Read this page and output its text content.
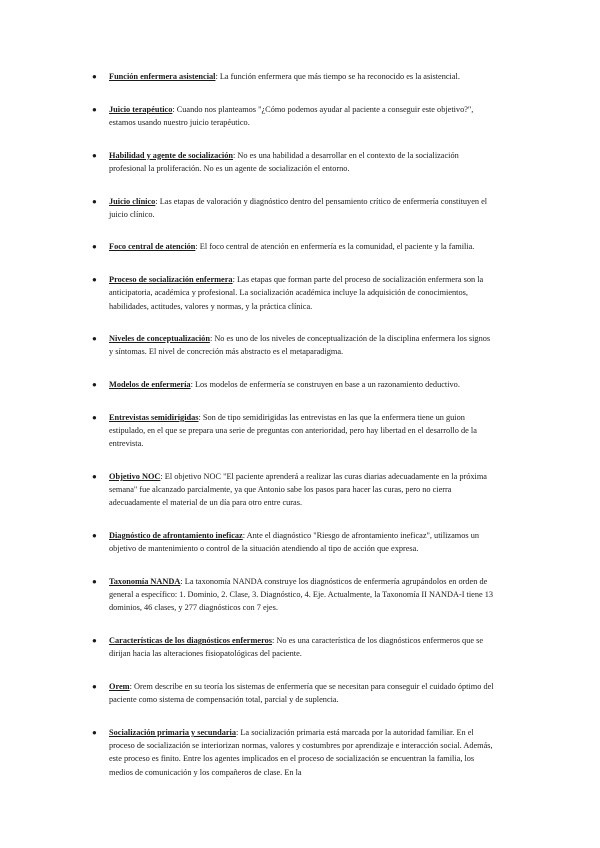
● Función enfermera asistencial: La función enfermera que más tiempo se ha reconocido es la asistencial.
● Juicio terapéutico: Cuando nos planteamos "¿Cómo podemos ayudar al paciente a conseguir este objetivo?", estamos usando nuestro juicio terapéutico.
● Habilidad y agente de socialización: No es una habilidad a desarrollar en el contexto de la socialización profesional la proliferación. No es un agente de socialización el entorno.
● Juicio clínico: Las etapas de valoración y diagnóstico dentro del pensamiento crítico de enfermería constituyen el juicio clínico.
● Foco central de atención: El foco central de atención en enfermería es la comunidad, el paciente y la familia.
● Proceso de socialización enfermera: Las etapas que forman parte del proceso de socialización enfermera son la anticipatoria, académica y profesional. La socialización académica incluye la adquisición de conocimientos, habilidades, actitudes, valores y normas, y la práctica clínica.
● Niveles de conceptualización: No es uno de los niveles de conceptualización de la disciplina enfermera los signos y síntomas. El nivel de concreción más abstracto es el metaparadigma.
● Modelos de enfermería: Los modelos de enfermería se construyen en base a un razonamiento deductivo.
● Entrevistas semidirigidas: Son de tipo semidirigidas las entrevistas en las que la enfermera tiene un guion estipulado, en el que se prepara una serie de preguntas con anterioridad, pero hay libertad en el desarrollo de la entrevista.
● Objetivo NOC: El objetivo NOC "El paciente aprenderá a realizar las curas diarias adecuadamente en la próxima semana" fue alcanzado parcialmente, ya que Antonio sabe los pasos para hacer las curas, pero no cierra adecuadamente el material de un día para otro entre curas.
● Diagnóstico de afrontamiento ineficaz: Ante el diagnóstico "Riesgo de afrontamiento ineficaz", utilizamos un objetivo de mantenimiento o control de la situación atendiendo al tipo de acción que expresa.
● Taxonomía NANDA: La taxonomía NANDA construye los diagnósticos de enfermería agrupándolos en orden de general a específico: 1. Dominio, 2. Clase, 3. Diagnóstico, 4. Eje. Actualmente, la Taxonomía II NANDA-I tiene 13 dominios, 46 clases, y 277 diagnósticos con 7 ejes.
● Características de los diagnósticos enfermeros: No es una característica de los diagnósticos enfermeros que se dirijan hacia las alteraciones fisiopatológicas del paciente.
● Orem: Orem describe en su teoría los sistemas de enfermería que se necesitan para conseguir el cuidado óptimo del paciente como sistema de compensación total, parcial y de suplencia.
● Socialización primaria y secundaria: La socialización primaria está marcada por la autoridad familiar. En el proceso de socialización se interiorizan normas, valores y costumbres por aprendizaje e interacción social. Además, este proceso es finito. Entre los agentes implicados en el proceso de socialización se encuentran la familia, los medios de comunicación y los compañeros de clase. En la
